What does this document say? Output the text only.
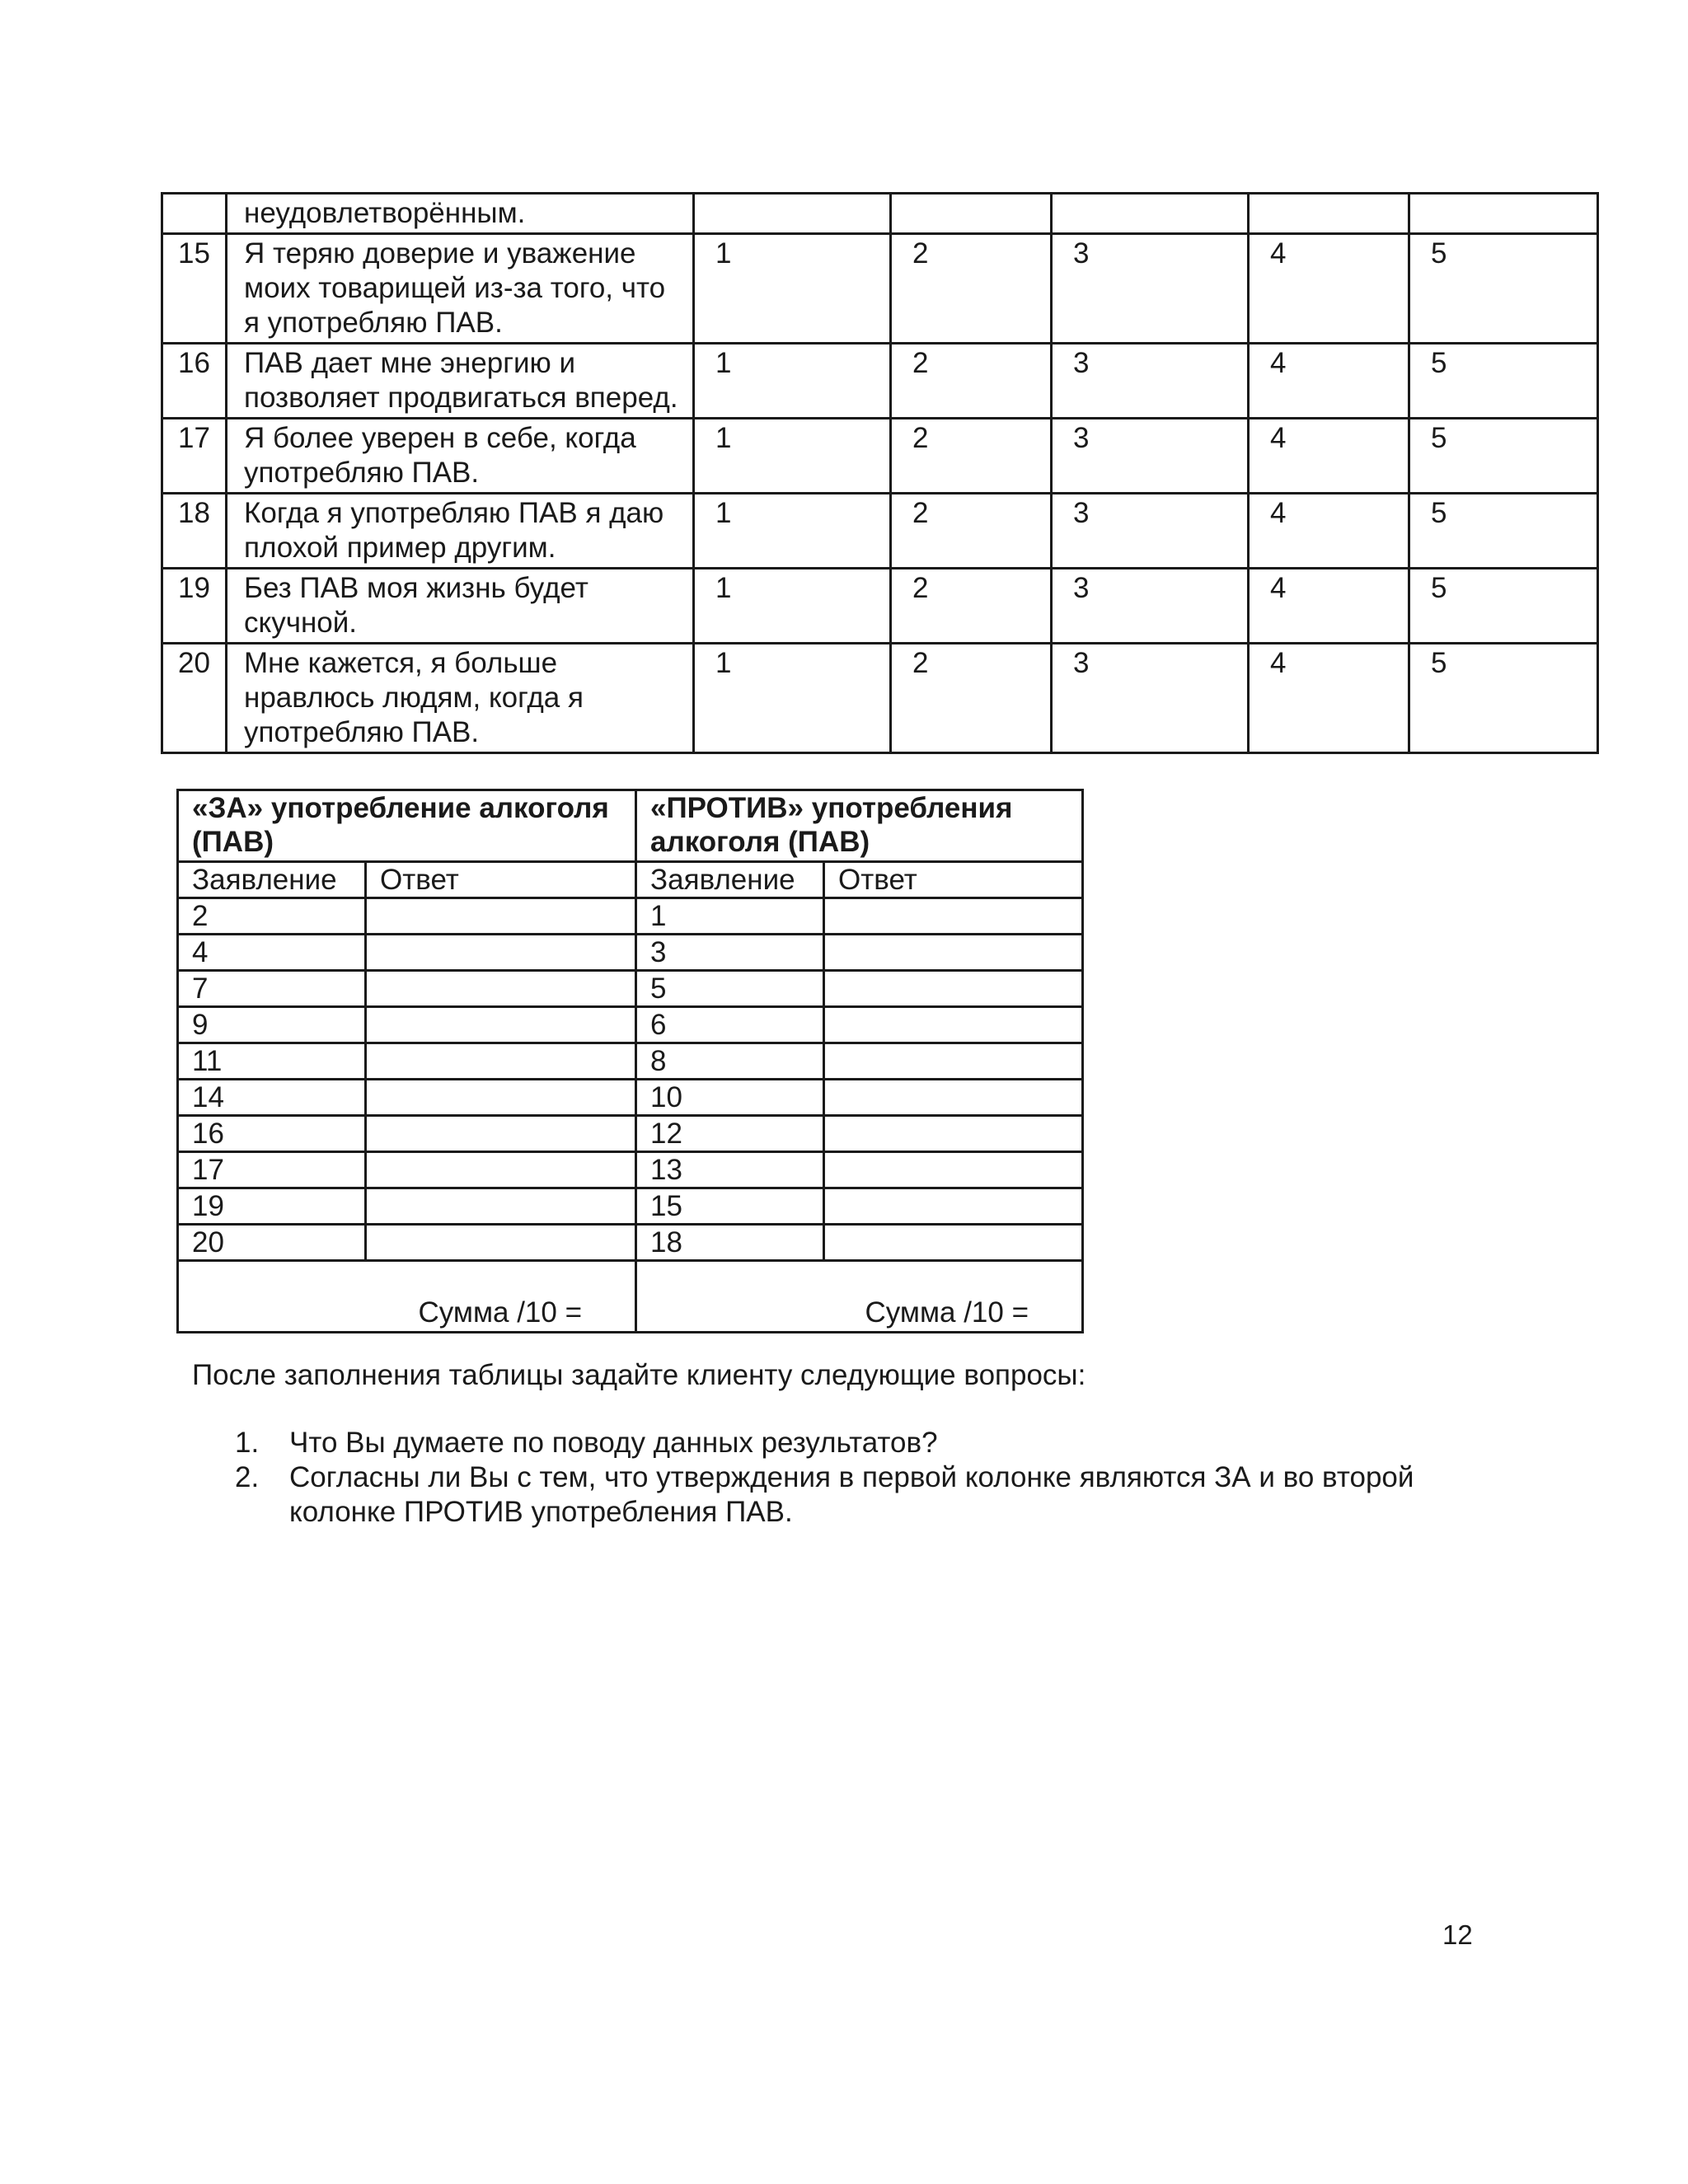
	неудовлетворённым.					
15	Я теряю доверие и уважение моих товарищей из-за того, что я употребляю ПАВ.	1	2	3	4	5
16	ПАВ дает мне энергию и позволяет продвигаться вперед.	1	2	3	4	5
17	Я более уверен в себе, когда употребляю ПАВ.	1	2	3	4	5
18	Когда я употребляю ПАВ я даю плохой пример другим.	1	2	3	4	5
19	Без ПАВ моя жизнь будет скучной.	1	2	3	4	5
20	Мне кажется, я больше нравлюсь людям, когда я употребляю ПАВ.	1	2	3	4	5
«ЗА» употребление алкоголя (ПАВ)		«ПРОТИВ» употребления алкоголя (ПАВ)	
Заявление	Ответ	Заявление	Ответ
2		1	
4		3	
7		5	
9		6	
11		8	
14		10	
16		12	
17		13	
19		15	
20		18	
Сумма /10 =		Сумма /10 =	

После заполнения таблицы задайте клиенту следующие вопросы:

1. Что Вы думаете по поводу данных результатов?
2. Согласны ли Вы с тем, что утверждения в первой колонке являются ЗА и во второй колонке ПРОТИВ употребления ПАВ.
12
